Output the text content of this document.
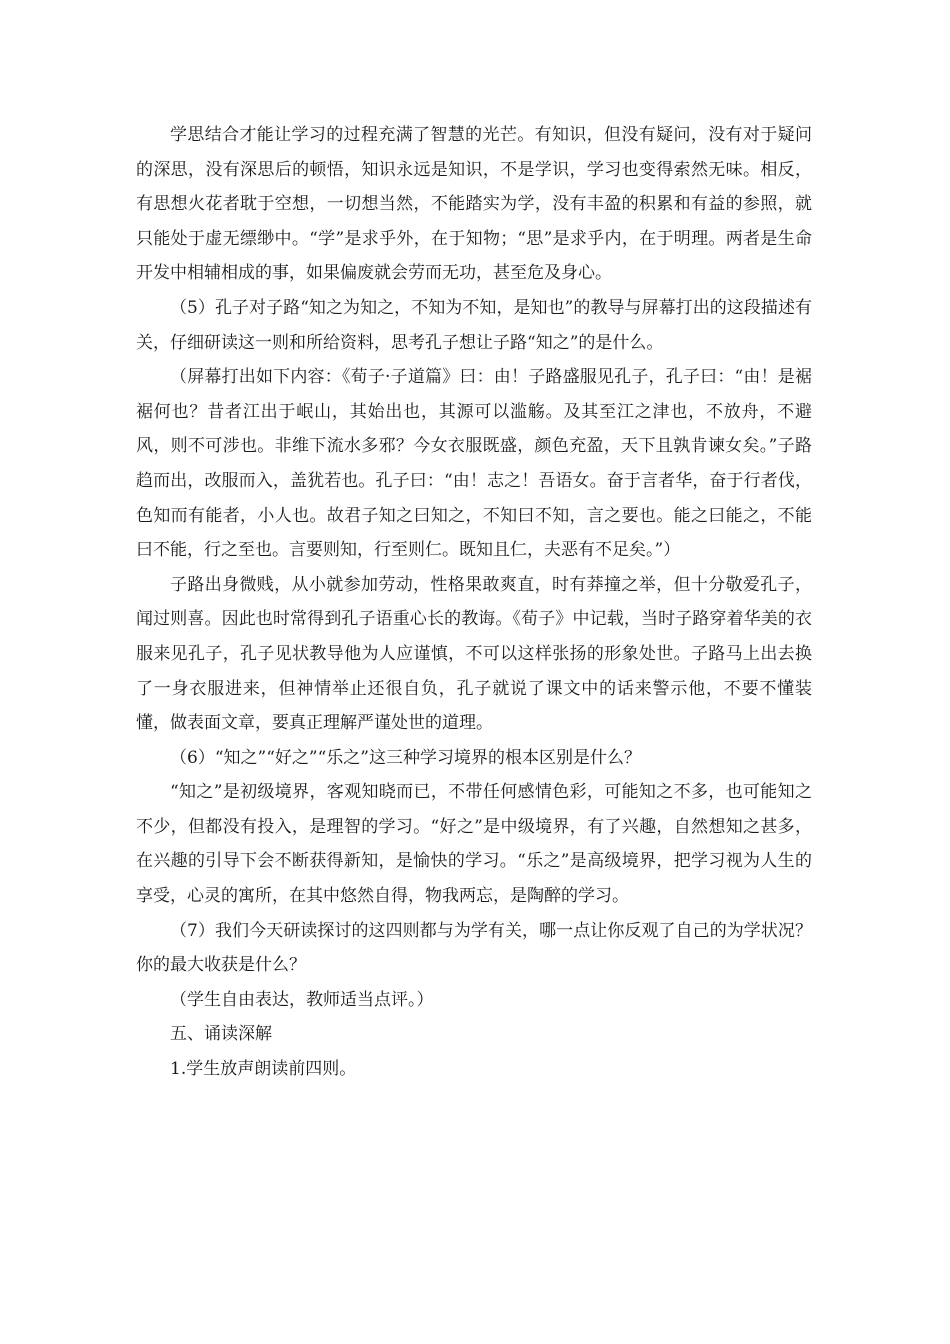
学思结合才能让学习的过程充满了智慧的光芒。有知识，但没有疑问，没有对于疑问的深思，没有深思后的顿悟，知识永远是知识，不是学识，学习也变得索然无味。相反，有思想火花者耽于空想，一切想当然，不能踏实为学，没有丰盈的积累和有益的参照，就只能处于虚无缥缈中。“学”是求乎外，在于知物；“思”是求乎内，在于明理。两者是生命开发中相辅相成的事，如果偏废就会劳而无功，甚至危及身心。

（5）孔子对子路“知之为知之，不知为不知，是知也”的教导与屏幕打出的这段描述有关，仔细研读这一则和所给资料，思考孔子想让子路“知之”的是什么。

（屏幕打出如下内容：《荀子·子道篇》曰：由！子路盛服见孔子，孔子曰：“由！是裾裾何也？昔者江出于岷山，其始出也，其源可以滥觞。及其至江之津也，不放舟，不避风，则不可涉也。非维下流水多邪？今女衣服既盛，颜色充盈，天下且孰肯谏女矣。”子路趋而出，改服而入，盖犹若也。孔子曰：“由！志之！吾语女。奋于言者华，奋于行者伐，色知而有能者，小人也。故君子知之曰知之，不知曰不知，言之要也。能之曰能之，不能曰不能，行之至也。言要则知，行至则仁。既知且仁，夫恶有不足矣。”）

子路出身微贱，从小就参加劳动，性格果敢爽直，时有莽撞之举，但十分敬爱孔子，闻过则喜。因此也时常得到孔子语重心长的教诲。《荀子》中记载，当时子路穿着华美的衣服来见孔子，孔子见状教导他为人应谨慎，不可以这样张扬的形象处世。子路马上出去换了一身衣服进来，但神情举止还很自负，孔子就说了课文中的话来警示他，不要不懂装懂，做表面文章，要真正理解严谨处世的道理。

（6）“知之”“好之”“乐之”这三种学习境界的根本区别是什么？

“知之”是初级境界，客观知晓而已，不带任何感情色彩，可能知之不多，也可能知之不少，但都没有投入，是理智的学习。“好之”是中级境界，有了兴趣，自然想知之甚多，在兴趣的引导下会不断获得新知，是愉快的学习。“乐之”是高级境界，把学习视为人生的享受，心灵的寓所，在其中悠然自得，物我两忘，是陶醉的学习。

（7）我们今天研读探讨的这四则都与为学有关，哪一点让你反观了自己的为学状况？你的最大收获是什么？

（学生自由表达，教师适当点评。）

五、诵读深解

1.学生放声朗读前四则。
